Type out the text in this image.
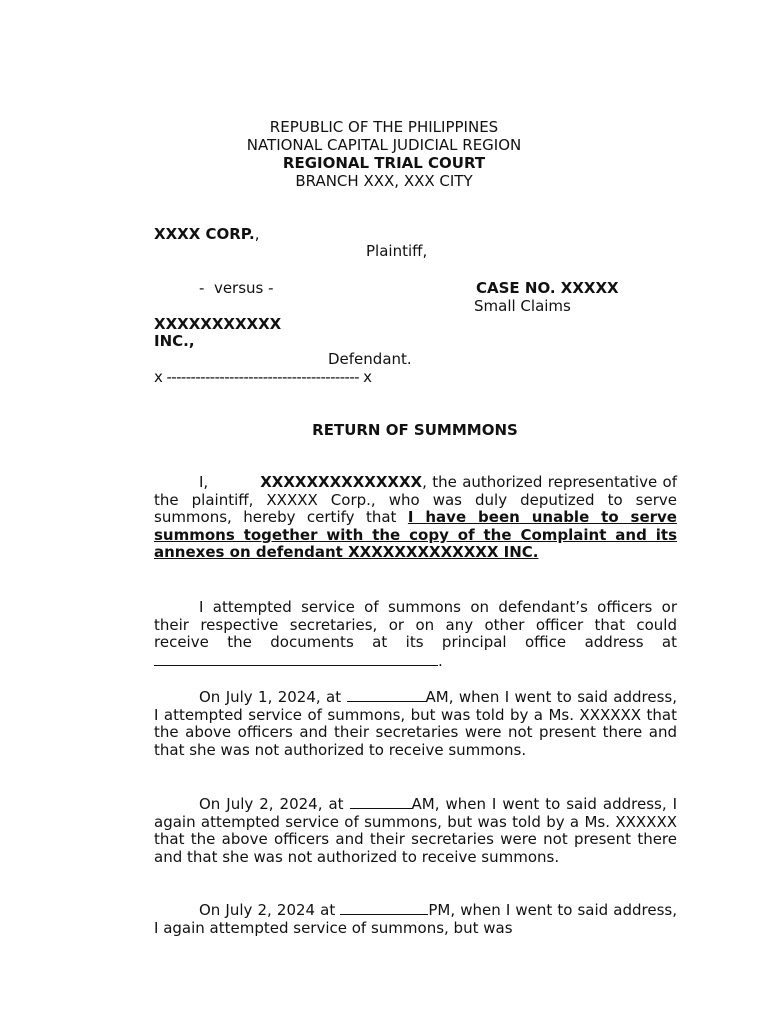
REPUBLIC OF THE PHILIPPINES
NATIONAL CAPITAL JUDICIAL REGION
REGIONAL TRIAL COURT
BRANCH XXX, XXX CITY
XXXX CORP.,
Plaintiff,
-  versus -	CASE NO. XXXXX
Small Claims
XXXXXXXXXXX
INC.,
Defendant.
x ---------------------------------------- x
RETURN OF SUMMMONS
I,	XXXXXXXXXXXXXX, the authorized representative of the plaintiff, XXXXX Corp., who was duly deputized to serve summons, hereby certify that I have been unable to serve summons together with the copy of the Complaint and its annexes on defendant XXXXXXXXXXXXX INC.
I attempted service of summons on defendant’s officers or their respective secretaries, or on any other officer that could receive the documents at its principal office address at .
On July 1, 2024, at	AM, when I went to said address, I attempted service of summons, but was told by a Ms. XXXXXX that the above officers and their secretaries were not present there and that she was not authorized to receive summons.
On July 2, 2024, at	AM, when I went to said address, I again attempted service of summons, but was told by a Ms. XXXXXX that the above officers and their secretaries were not present there and that she was not authorized to receive summons.
On July 2, 2024 at	PM, when I went to said address, I again attempted service of summons, but was
